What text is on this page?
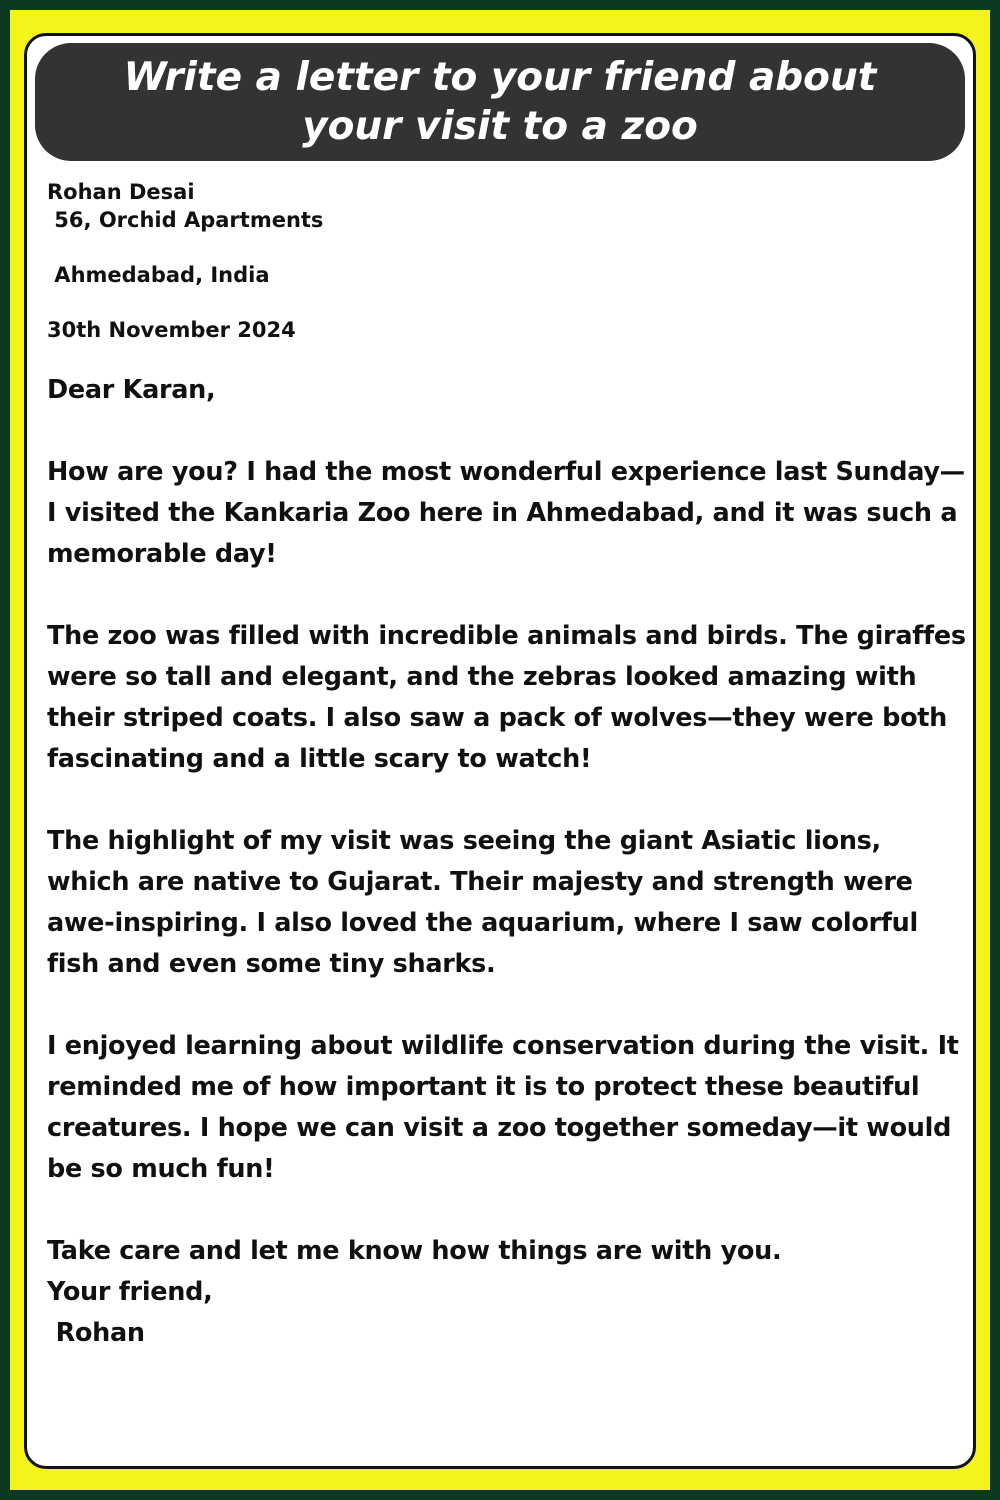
Write a letter to your friend about your visit to a zoo
Rohan Desai
56, Orchid Apartments
Ahmedabad, India
30th November 2024

Dear Karan,

How are you? I had the most wonderful experience last Sunday—I visited the Kankaria Zoo here in Ahmedabad, and it was such a memorable day!

The zoo was filled with incredible animals and birds. The giraffes were so tall and elegant, and the zebras looked amazing with their striped coats. I also saw a pack of wolves—they were both fascinating and a little scary to watch!

The highlight of my visit was seeing the giant Asiatic lions, which are native to Gujarat. Their majesty and strength were awe-inspiring. I also loved the aquarium, where I saw colorful fish and even some tiny sharks.

I enjoyed learning about wildlife conservation during the visit. It reminded me of how important it is to protect these beautiful creatures. I hope we can visit a zoo together someday—it would be so much fun!

Take care and let me know how things are with you.
Your friend,
Rohan
